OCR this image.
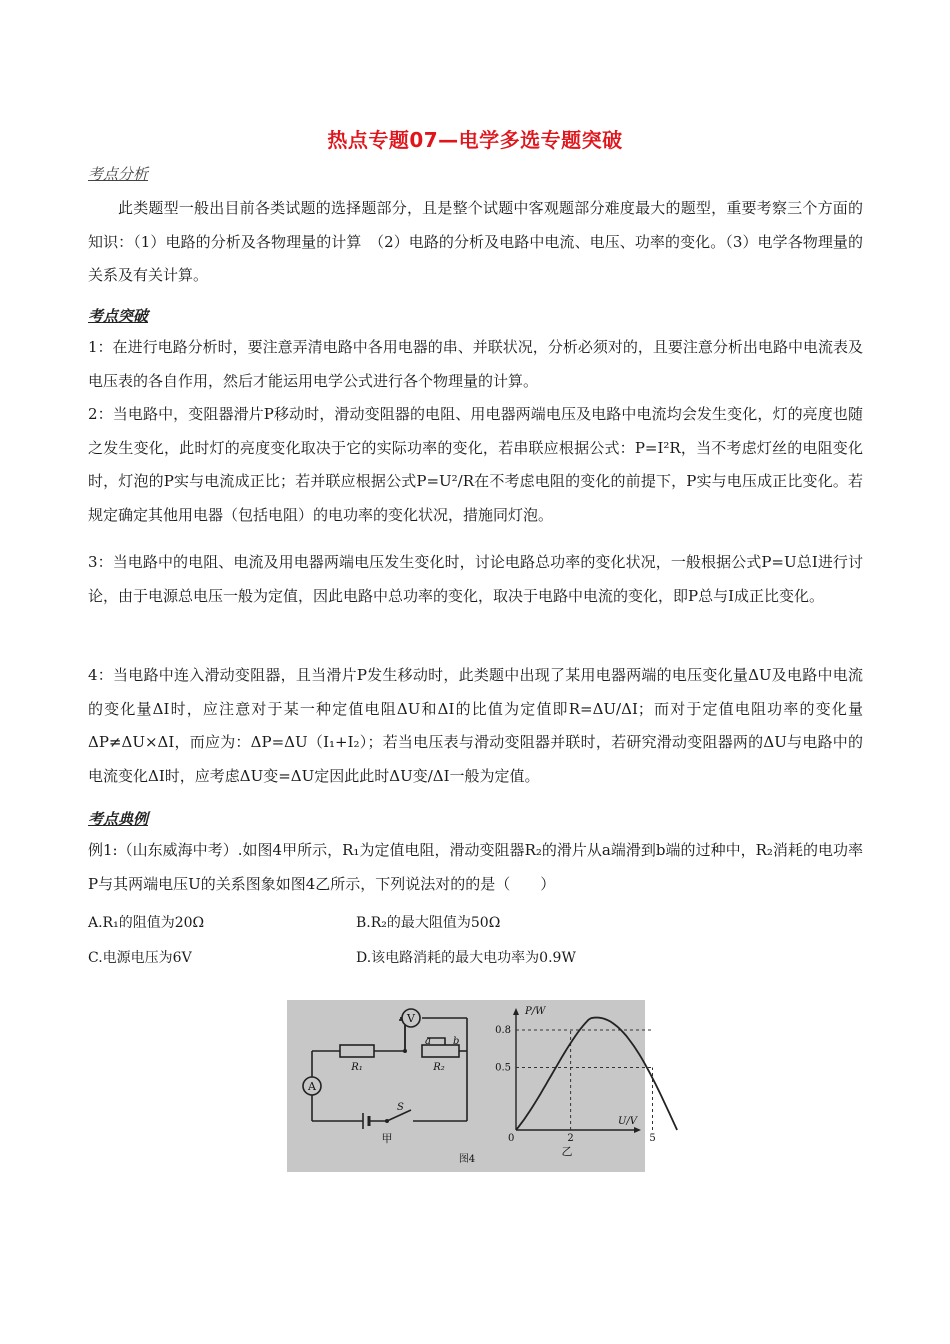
热点专题07—电学多选专题突破
考点分析

此类题型一般出目前各类试题的选择题部分，且是整个试题中客观题部分难度最大的题型，重要考察三个方面的知识：（1）电路的分析及各物理量的计算　（2）电路的分析及电路中电流、电压、功率的变化。（3）电学各物理量的关系及有关计算。

考点突破

1：在进行电路分析时，要注意弄清电路中各用电器的串、并联状况，分析必须对的，且要注意分析出电路中电流表及电压表的各自作用，然后才能运用电学公式进行各个物理量的计算。

2：当电路中，变阻器滑片P移动时，滑动变阻器的电阻、用电器两端电压及电路中电流均会发生变化，灯的亮度也随之发生变化，此时灯的亮度变化取决于它的实际功率的变化，若串联应根据公式：P=I²R，当不考虑灯丝的电阻变化时，灯泡的P实与电流成正比；若并联应根据公式P=U²/R在不考虑电阻的变化的前提下，P实与电压成正比变化。若规定确定其他用电器（包括电阻）的电功率的变化状况，措施同灯泡。

3：当电路中的电阻、电流及用电器两端电压发生变化时，讨论电路总功率的变化状况，一般根据公式P=U总I进行讨论，由于电源总电压一般为定值，因此电路中总功率的变化，取决于电路中电流的变化，即P总与I成正比变化。

4：当电路中连入滑动变阻器，且当滑片P发生移动时，此类题中出现了某用电器两端的电压变化量ΔU及电路中电流的变化量ΔI时，应注意对于某一种定值电阻ΔU和ΔI的比值为定值即R=ΔU/ΔI；而对于定值电阻功率的变化量ΔP≠ΔU×ΔI，而应为：ΔP=ΔU（I₁+I₂）；若当电压表与滑动变阻器并联时，若研究滑动变阻器两的ΔU与电路中的电流变化ΔI时，应考虑ΔU变=ΔU定因此此时ΔU变/ΔI一般为定值。

考点典例

例1:（山东威海中考）.如图4甲所示，R₁为定值电阻，滑动变阻器R₂的滑片从a端滑到b端的过种中，R₂消耗的电功率P与其两端电压U的关系图象如图4乙所示，下列说法对的的是（　　）

A.R₁的阻值为20Ω	B.R₂的最大阻值为50Ω
C.电源电压为6V	D.该电路消耗的最大电功率为0.9W
A
V
R₁	R₂
a b
S
甲
图4
P/W
U/V
0
0.8
0.5
2	5
乙
